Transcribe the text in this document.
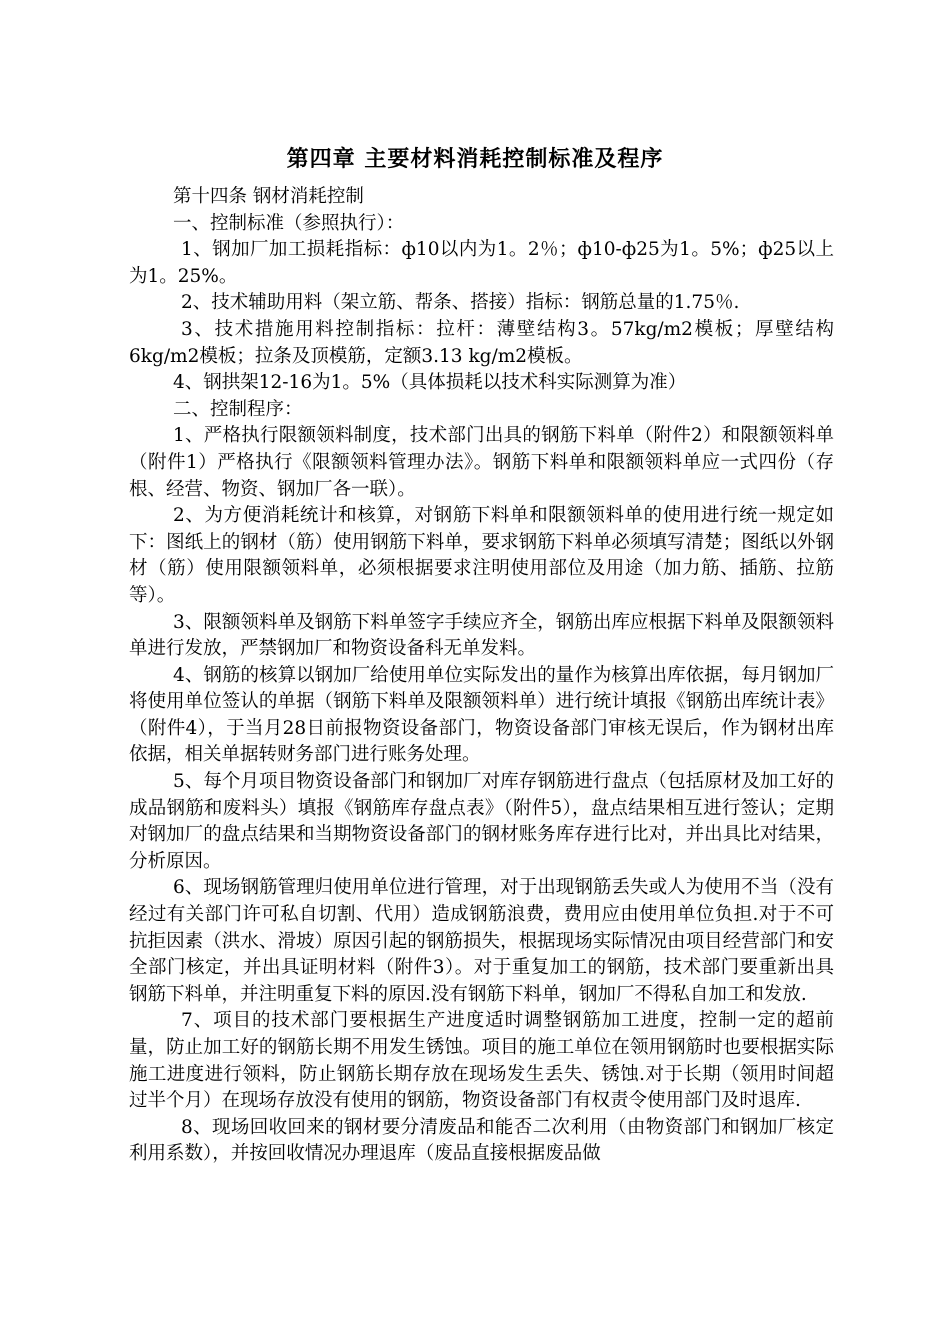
第四章 主要材料消耗控制标准及程序

第十四条 钢材消耗控制

一、控制标准（参照执行）：

1、钢加厂加工损耗指标：ф10以内为1。2％；ф10-ф25为1。5%；ф25以上为1。25%。

2、技术辅助用料（架立筋、帮条、搭接）指标：钢筋总量的1.75％.

3、技术措施用料控制指标：拉杆：薄壁结构3。57kg/m2模板；厚壁结构6kg/m2模板；拉条及顶模筋，定额3.13 kg/m2模板。

4、钢拱架12-16为1。5%（具体损耗以技术科实际测算为准）

二、控制程序：

1、严格执行限额领料制度，技术部门出具的钢筋下料单（附件2）和限额领料单（附件1）严格执行《限额领料管理办法》。钢筋下料单和限额领料单应一式四份（存根、经营、物资、钢加厂各一联）。

2、为方便消耗统计和核算，对钢筋下料单和限额领料单的使用进行统一规定如下：图纸上的钢材（筋）使用钢筋下料单，要求钢筋下料单必须填写清楚；图纸以外钢材（筋）使用限额领料单，必须根据要求注明使用部位及用途（加力筋、插筋、拉筋等）。

3、限额领料单及钢筋下料单签字手续应齐全，钢筋出库应根据下料单及限额领料单进行发放，严禁钢加厂和物资设备科无单发料。

4、钢筋的核算以钢加厂给使用单位实际发出的量作为核算出库依据，每月钢加厂将使用单位签认的单据（钢筋下料单及限额领料单）进行统计填报《钢筋出库统计表》（附件4），于当月28日前报物资设备部门，物资设备部门审核无误后，作为钢材出库依据，相关单据转财务部门进行账务处理。

5、每个月项目物资设备部门和钢加厂对库存钢筋进行盘点（包括原材及加工好的成品钢筋和废料头）填报《钢筋库存盘点表》（附件5），盘点结果相互进行签认；定期对钢加厂的盘点结果和当期物资设备部门的钢材账务库存进行比对，并出具比对结果，分析原因。

6、现场钢筋管理归使用单位进行管理，对于出现钢筋丢失或人为使用不当（没有经过有关部门许可私自切割、代用）造成钢筋浪费，费用应由使用单位负担.对于不可抗拒因素（洪水、滑坡）原因引起的钢筋损失，根据现场实际情况由项目经营部门和安全部门核定，并出具证明材料（附件3）。对于重复加工的钢筋，技术部门要重新出具钢筋下料单，并注明重复下料的原因.没有钢筋下料单，钢加厂不得私自加工和发放.

7、项目的技术部门要根据生产进度适时调整钢筋加工进度，控制一定的超前量，防止加工好的钢筋长期不用发生锈蚀。项目的施工单位在领用钢筋时也要根据实际施工进度进行领料，防止钢筋长期存放在现场发生丢失、锈蚀.对于长期（领用时间超过半个月）在现场存放没有使用的钢筋，物资设备部门有权责令使用部门及时退库.

8、现场回收回来的钢材要分清废品和能否二次利用（由物资部门和钢加厂核定利用系数），并按回收情况办理退库（废品直接根据废品做
